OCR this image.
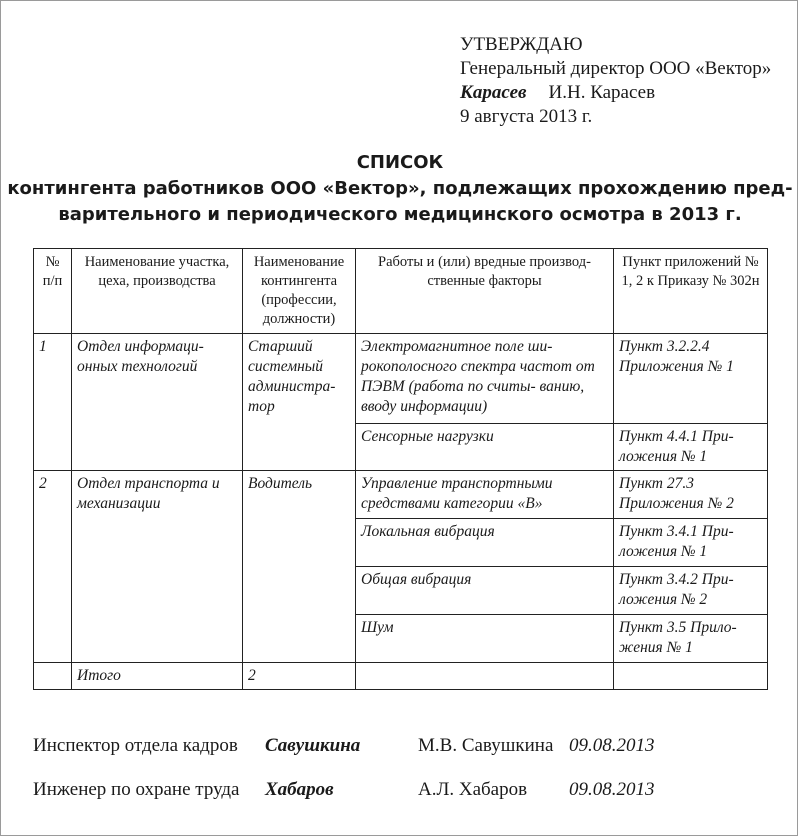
УТВЕРЖДАЮ
Генеральный директор ООО «Вектор»
Карасев И.Н. Карасев
9 августа 2013 г.
СПИСОК
контингента работников ООО «Вектор», подлежащих прохождению пред-
варительного и периодического медицинского осмотра в 2013 г.
№ п/п	Наименование участка, цеха, производства	Наименование контингента (профессии, должности)	Работы и (или) вредные производ- ственные факторы	Пункт приложений № 1, 2 к Приказу № 302н
1	Отдел информаци- онных технологий	Старший системный администра- тор	Электромагнитное поле ши- рокополосного спектра частот от ПЭВМ (работа по считы- ванию, вводу информации)	Пункт 3.2.2.4 Приложения № 1
			Сенсорные нагрузки	Пункт 4.4.1 При- ложения № 1
2	Отдел транспорта и механизации	Водитель	Управление транспортными средствами категории «В»	Пункт 27.3 Приложения № 2
			Локальная вибрация	Пункт 3.4.1 При- ложения № 1
			Общая вибрация	Пункт 3.4.2 При- ложения № 2
			Шум	Пункт 3.5 Прило- жения № 1
	Итого	2		
Инспектор отдела кадров Савушкина	М.В. Савушкина 09.08.2013
Инженер по охране труда Хабаров	А.Л. Хабаров 09.08.2013
